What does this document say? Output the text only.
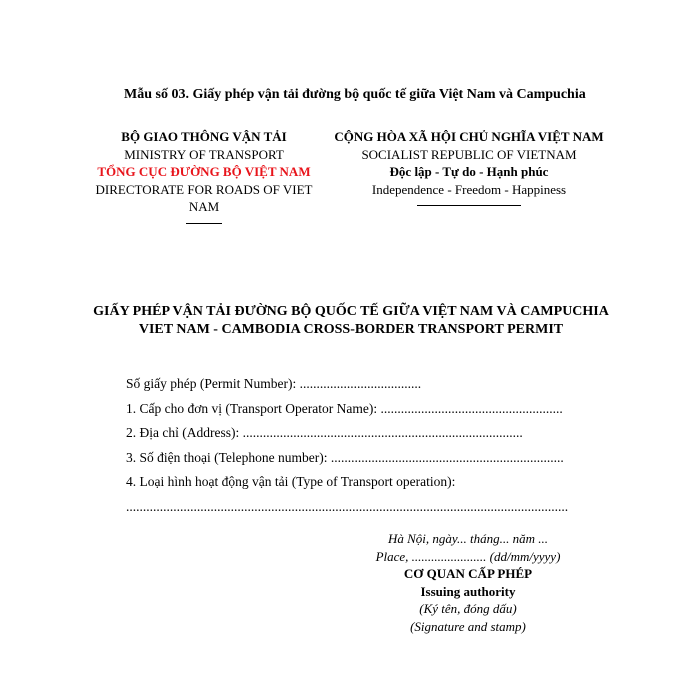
Mẫu số 03. Giấy phép vận tải đường bộ quốc tế giữa Việt Nam và Campuchia
BỘ GIAO THÔNG VẬN TẢI
MINISTRY OF TRANSPORT
TỔNG CỤC ĐƯỜNG BỘ VIỆT NAM
DIRECTORATE FOR ROADS OF VIET NAM
CỘNG HÒA XÃ HỘI CHỦ NGHĨA VIỆT NAM
SOCIALIST REPUBLIC OF VIETNAM
Độc lập - Tự do - Hạnh phúc
Independence - Freedom - Happiness
GIẤY PHÉP VẬN TẢI ĐƯỜNG BỘ QUỐC TẾ GIỮA VIỆT NAM VÀ CAMPUCHIA
VIET NAM - CAMBODIA CROSS-BORDER TRANSPORT PERMIT
Số giấy phép (Permit Number): ....................................
1. Cấp cho đơn vị (Transport Operator Name): ......................................................
2. Địa chỉ (Address): ...................................................................................
3. Số điện thoại (Telephone number): .....................................................................
4. Loại hình hoạt động vận tải (Type of Transport operation):
...................................................................................................................................
Hà Nội, ngày... tháng... năm ...
Place, ....................... (dd/mm/yyyy)
CƠ QUAN CẤP PHÉP
Issuing authority
(Ký tên, đóng dấu)
(Signature and stamp)
